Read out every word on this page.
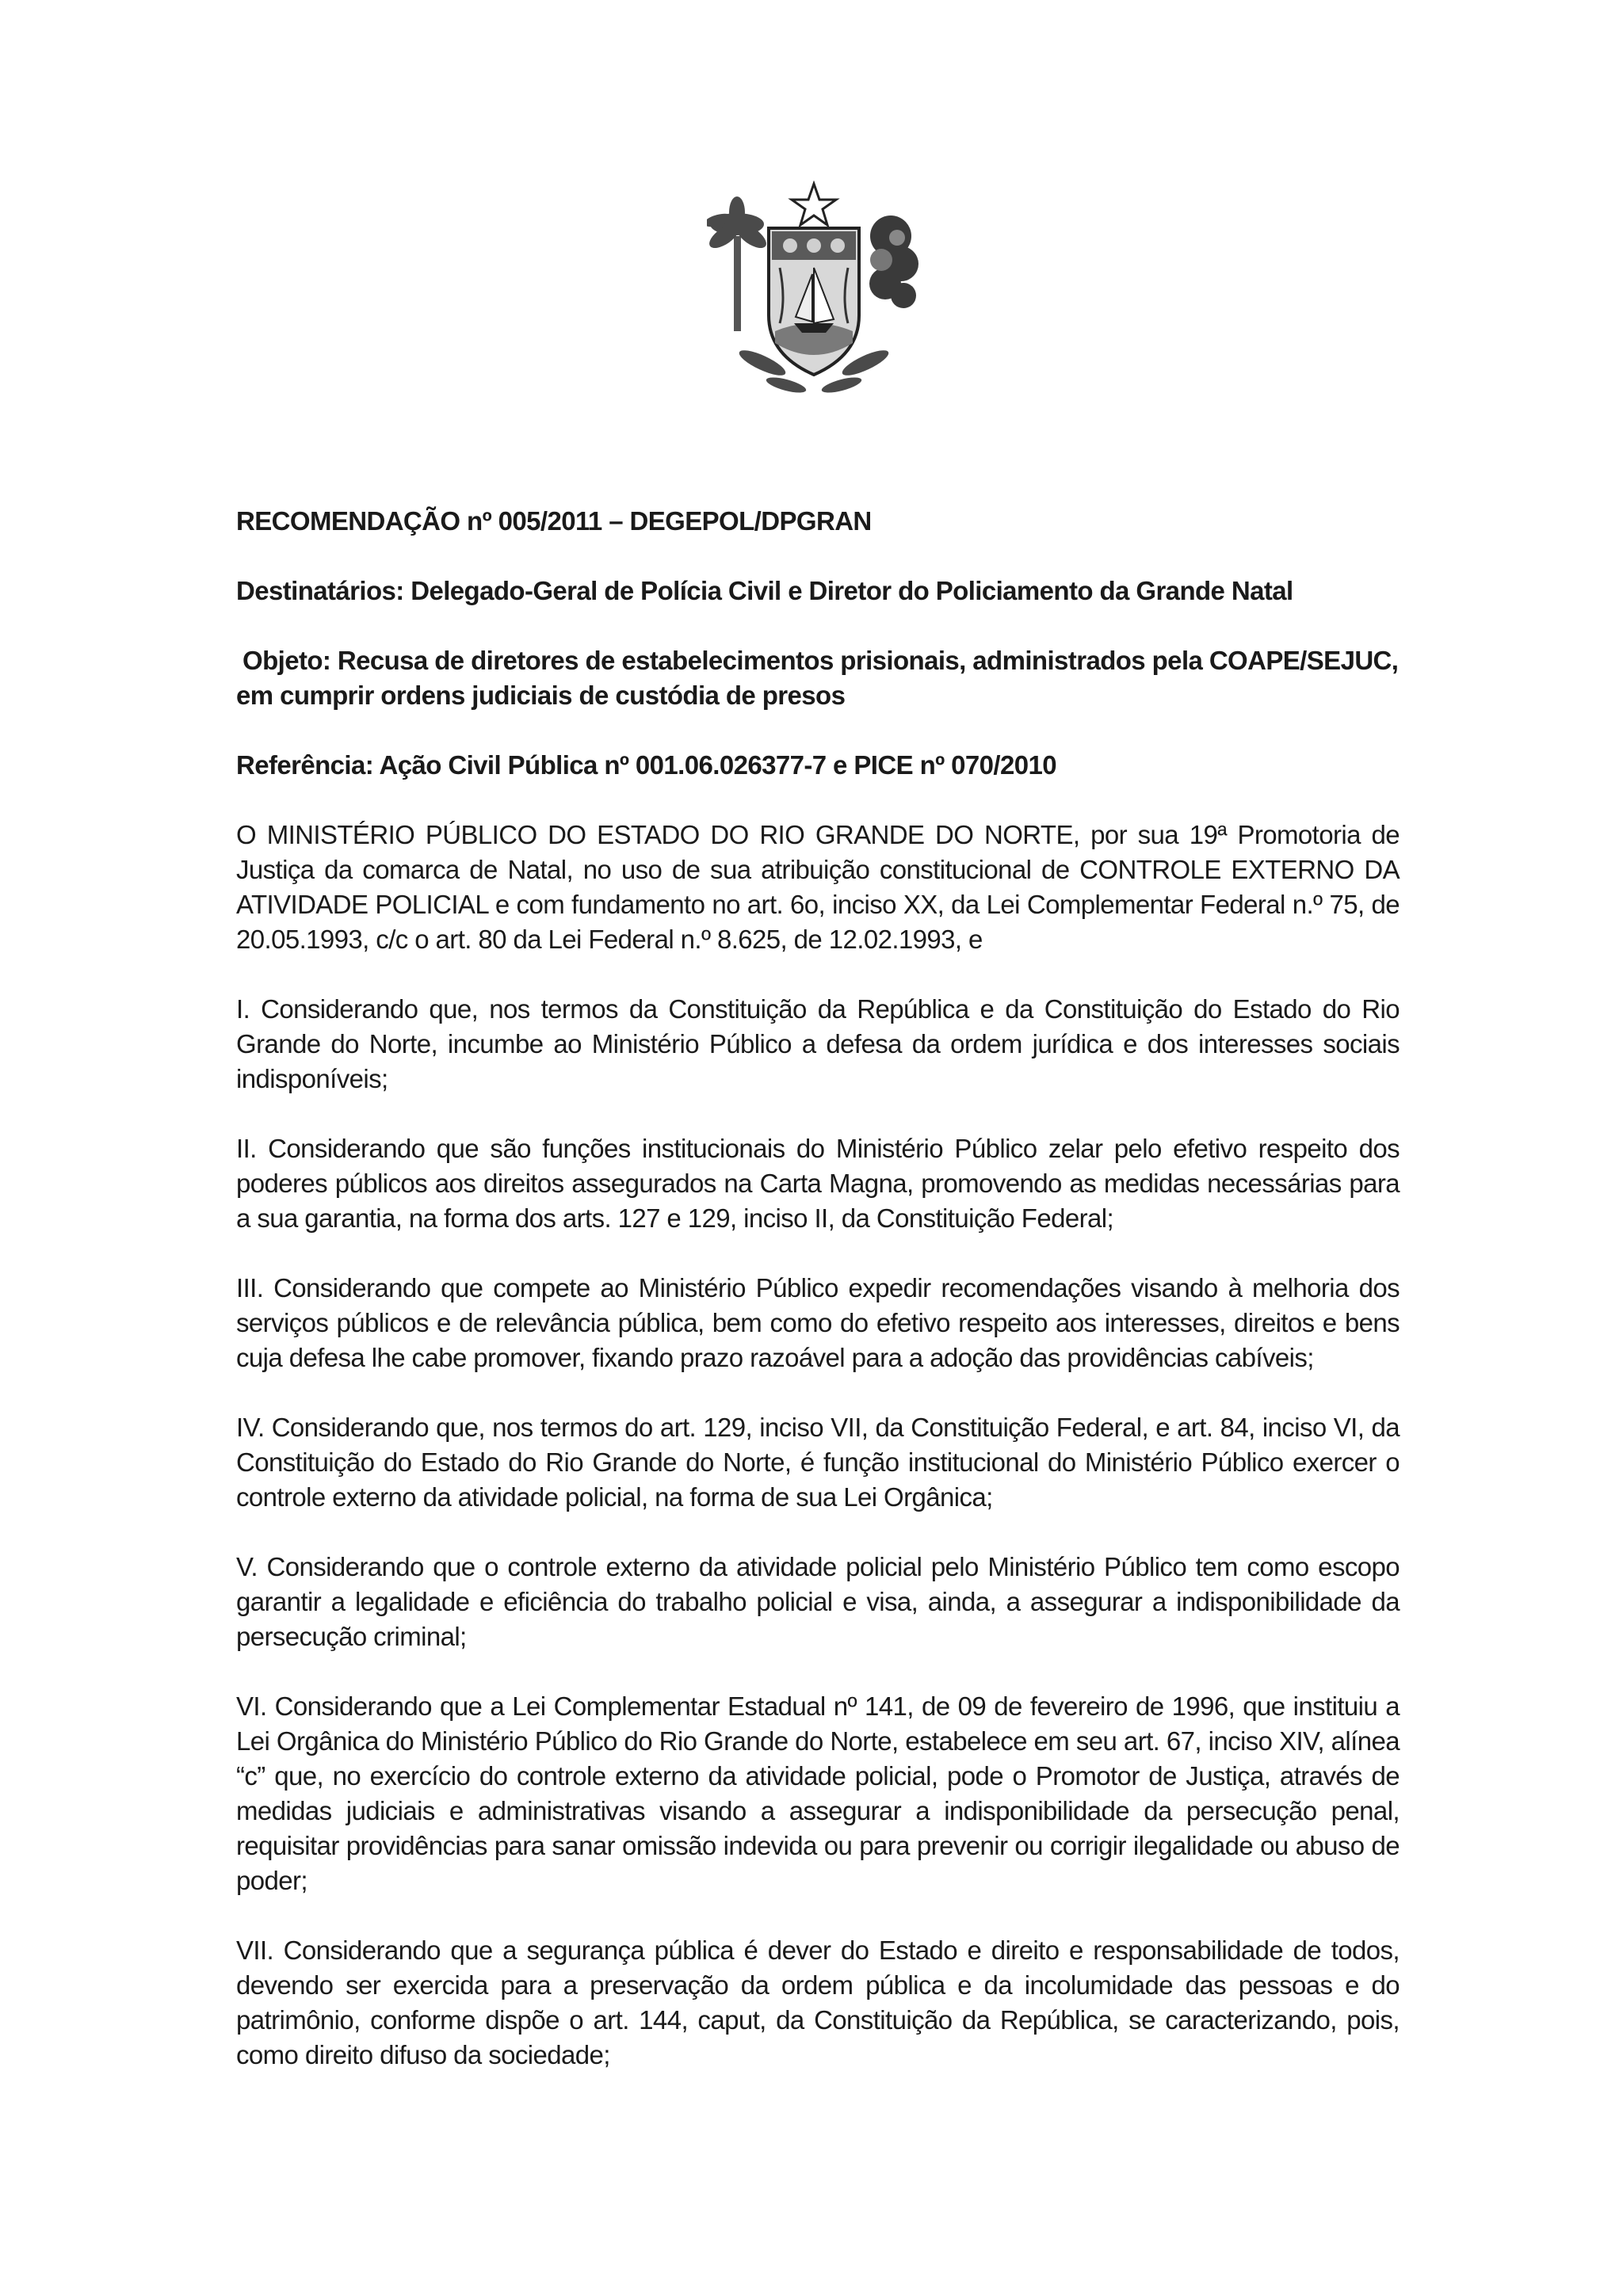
RECOMENDAÇÃO nº 005/2011 – DEGEPOL/DPGRAN

Destinatários: Delegado-Geral de Polícia Civil e Diretor do Policiamento da Grande Natal

Objeto: Recusa de diretores de estabelecimentos prisionais, administrados pela COAPE/SEJUC, em cumprir ordens judiciais de custódia de presos

Referência: Ação Civil Pública nº 001.06.026377-7 e PICE nº 070/2010

O MINISTÉRIO PÚBLICO DO ESTADO DO RIO GRANDE DO NORTE, por sua 19ª Promotoria de Justiça da comarca de Natal, no uso de sua atribuição constitucional de CONTROLE EXTERNO DA ATIVIDADE POLICIAL e com fundamento no art. 6o, inciso XX, da Lei Complementar Federal n.º 75, de 20.05.1993, c/c o art. 80 da Lei Federal n.º 8.625, de 12.02.1993, e

I. Considerando que, nos termos da Constituição da República e da Constituição do Estado do Rio Grande do Norte, incumbe ao Ministério Público a defesa da ordem jurídica e dos interesses sociais indisponíveis;

II. Considerando que são funções institucionais do Ministério Público zelar pelo efetivo respeito dos poderes públicos aos direitos assegurados na Carta Magna, promovendo as medidas necessárias para a sua garantia, na forma dos arts. 127 e 129, inciso II, da Constituição Federal;

III. Considerando que compete ao Ministério Público expedir recomendações visando à melhoria dos serviços públicos e de relevância pública, bem como do efetivo respeito aos interesses, direitos e bens cuja defesa lhe cabe promover, fixando prazo razoável para a adoção das providências cabíveis;

IV. Considerando que, nos termos do art. 129, inciso VII, da Constituição Federal, e art. 84, inciso VI, da Constituição do Estado do Rio Grande do Norte, é função institucional do Ministério Público exercer o controle externo da atividade policial, na forma de sua Lei Orgânica;

V. Considerando que o controle externo da atividade policial pelo Ministério Público tem como escopo garantir a legalidade e eficiência do trabalho policial e visa, ainda, a assegurar a indisponibilidade da persecução criminal;

VI. Considerando que a Lei Complementar Estadual nº 141, de 09 de fevereiro de 1996, que instituiu a Lei Orgânica do Ministério Público do Rio Grande do Norte, estabelece em seu art. 67, inciso XIV, alínea “c” que, no exercício do controle externo da atividade policial, pode o Promotor de Justiça, através de medidas judiciais e administrativas visando a assegurar a indisponibilidade da persecução penal, requisitar providências para sanar omissão indevida ou para prevenir ou corrigir ilegalidade ou abuso de poder;

VII. Considerando que a segurança pública é dever do Estado e direito e responsabilidade de todos, devendo ser exercida para a preservação da ordem pública e da incolumidade das pessoas e do patrimônio, conforme dispõe o art. 144, caput, da Constituição da República, se caracterizando, pois, como direito difuso da sociedade;
